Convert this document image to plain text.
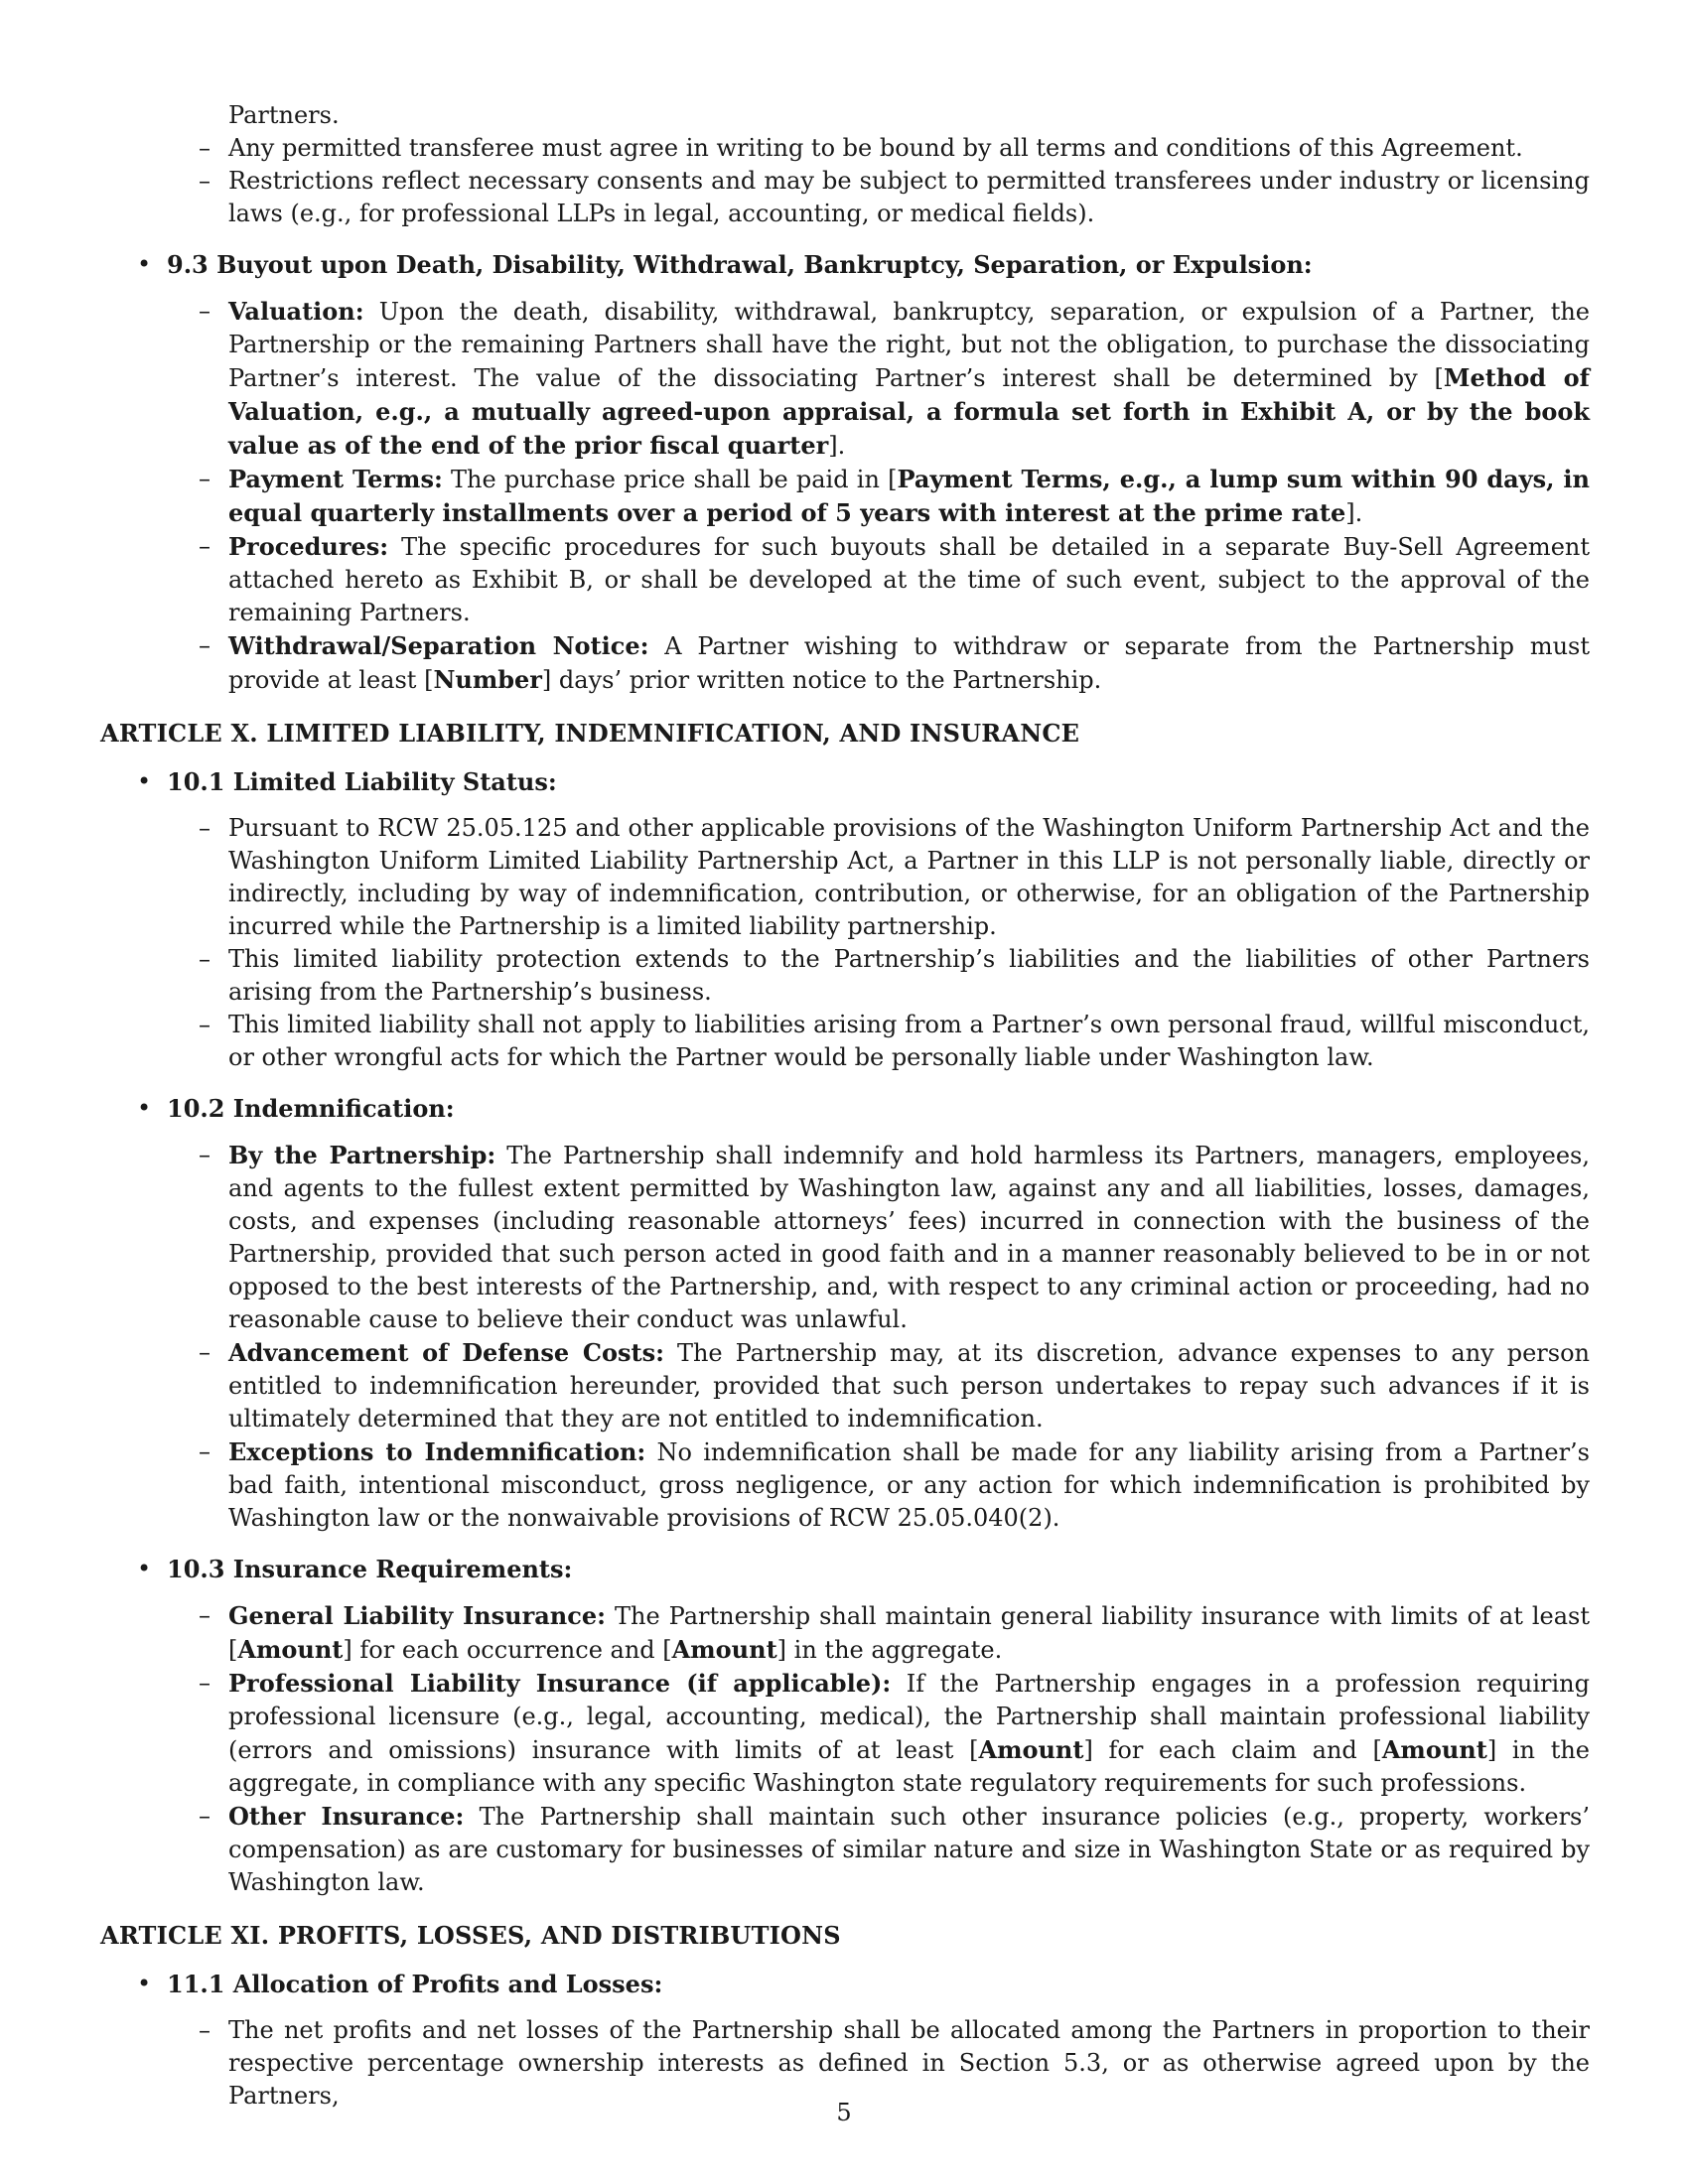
Partners.
– Any permitted transferee must agree in writing to be bound by all terms and conditions of this Agreement.
– Restrictions reflect necessary consents and may be subject to permitted transferees under industry or licensing laws (e.g., for professional LLPs in legal, accounting, or medical fields).
• 9.3 Buyout upon Death, Disability, Withdrawal, Bankruptcy, Separation, or Expulsion:
– Valuation: Upon the death, disability, withdrawal, bankruptcy, separation, or expulsion of a Partner, the Partnership or the remaining Partners shall have the right, but not the obligation, to purchase the dissociating Partner’s interest. The value of the dissociating Partner’s interest shall be determined by [Method of Valuation, e.g., a mutually agreed-upon appraisal, a formula set forth in Exhibit A, or by the book value as of the end of the prior fiscal quarter].
– Payment Terms: The purchase price shall be paid in [Payment Terms, e.g., a lump sum within 90 days, in equal quarterly installments over a period of 5 years with interest at the prime rate].
– Procedures: The specific procedures for such buyouts shall be detailed in a separate Buy-Sell Agreement attached hereto as Exhibit B, or shall be developed at the time of such event, subject to the approval of the remaining Partners.
– Withdrawal/Separation Notice: A Partner wishing to withdraw or separate from the Partnership must provide at least [Number] days’ prior written notice to the Partnership.
ARTICLE X. LIMITED LIABILITY, INDEMNIFICATION, AND INSURANCE
• 10.1 Limited Liability Status:
– Pursuant to RCW 25.05.125 and other applicable provisions of the Washington Uniform Partnership Act and the Washington Uniform Limited Liability Partnership Act, a Partner in this LLP is not personally liable, directly or indirectly, including by way of indemnification, contribution, or otherwise, for an obligation of the Partnership incurred while the Partnership is a limited liability partnership.
– This limited liability protection extends to the Partnership’s liabilities and the liabilities of other Partners arising from the Partnership’s business.
– This limited liability shall not apply to liabilities arising from a Partner’s own personal fraud, willful misconduct, or other wrongful acts for which the Partner would be personally liable under Washington law.
• 10.2 Indemnification:
– By the Partnership: The Partnership shall indemnify and hold harmless its Partners, managers, employees, and agents to the fullest extent permitted by Washington law, against any and all liabilities, losses, damages, costs, and expenses (including reasonable attorneys’ fees) incurred in connection with the business of the Partnership, provided that such person acted in good faith and in a manner reasonably believed to be in or not opposed to the best interests of the Partnership, and, with respect to any criminal action or proceeding, had no reasonable cause to believe their conduct was unlawful.
– Advancement of Defense Costs: The Partnership may, at its discretion, advance expenses to any person entitled to indemnification hereunder, provided that such person undertakes to repay such advances if it is ultimately determined that they are not entitled to indemnification.
– Exceptions to Indemnification: No indemnification shall be made for any liability arising from a Partner’s bad faith, intentional misconduct, gross negligence, or any action for which indemnification is prohibited by Washington law or the nonwaivable provisions of RCW 25.05.040(2).
• 10.3 Insurance Requirements:
– General Liability Insurance: The Partnership shall maintain general liability insurance with limits of at least [Amount] for each occurrence and [Amount] in the aggregate.
– Professional Liability Insurance (if applicable): If the Partnership engages in a profession requiring professional licensure (e.g., legal, accounting, medical), the Partnership shall maintain professional liability (errors and omissions) insurance with limits of at least [Amount] for each claim and [Amount] in the aggregate, in compliance with any specific Washington state regulatory requirements for such professions.
– Other Insurance: The Partnership shall maintain such other insurance policies (e.g., property, workers’ compensation) as are customary for businesses of similar nature and size in Washington State or as required by Washington law.
ARTICLE XI. PROFITS, LOSSES, AND DISTRIBUTIONS
• 11.1 Allocation of Profits and Losses:
– The net profits and net losses of the Partnership shall be allocated among the Partners in proportion to their respective percentage ownership interests as defined in Section 5.3, or as otherwise agreed upon by the Partners,
5
